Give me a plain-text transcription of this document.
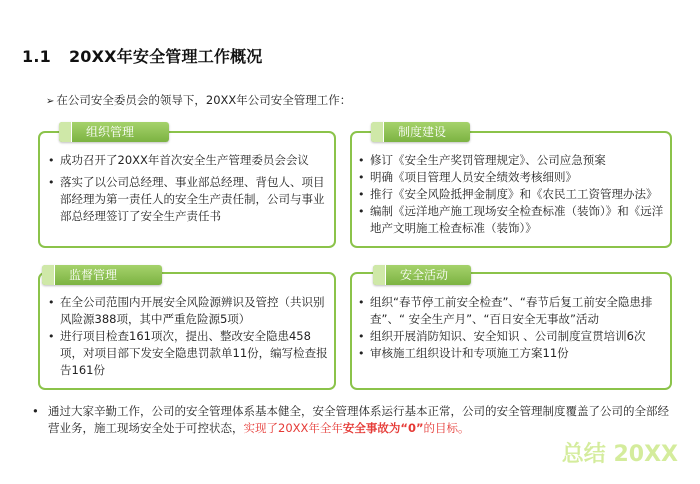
1.1 20XX年安全管理工作概况
➢ 在公司安全委员会的领导下，20XX年公司安全管理工作：
组织管理
• 成功召开了20XX年首次安全生产管理委员会会议
• 落实了以公司总经理、事业部总经理、背包人、项目部经理为第一责任人的安全生产责任制，公司与事业部总经理签订了安全生产责任书
制度建设
• 修订《安全生产奖罚管理规定》、公司应急预案
• 明确《项目管理人员安全绩效考核细则》
• 推行《安全风险抵押金制度》和《农民工工资管理办法》
• 编制《远洋地产施工现场安全检查标准（装饰）》和《远洋地产文明施工检查标准（装饰）》
监督管理
• 在全公司范围内开展安全风险源辨识及管控（共识别风险源388项，其中严重危险源5项）
• 进行项目检查161项次，提出、整改安全隐患458项，对项目部下发安全隐患罚款单11份，编写检查报告161份
安全活动
• 组织“春节停工前安全检查”、“春节后复工前安全隐患排查”、“ 安全生产月”、“百日安全无事故”活动
• 组织开展消防知识、安全知识 、公司制度宣贯培训6次
• 审核施工组织设计和专项施工方案11份
• 通过大家辛勤工作，公司的安全管理体系基本健全，安全管理体系运行基本正常，公司的安全管理制度覆盖了公司的全部经营业务，施工现场安全处于可控状态，实现了20XX年全年安全事故为“0”的目标。
总结 20XX
